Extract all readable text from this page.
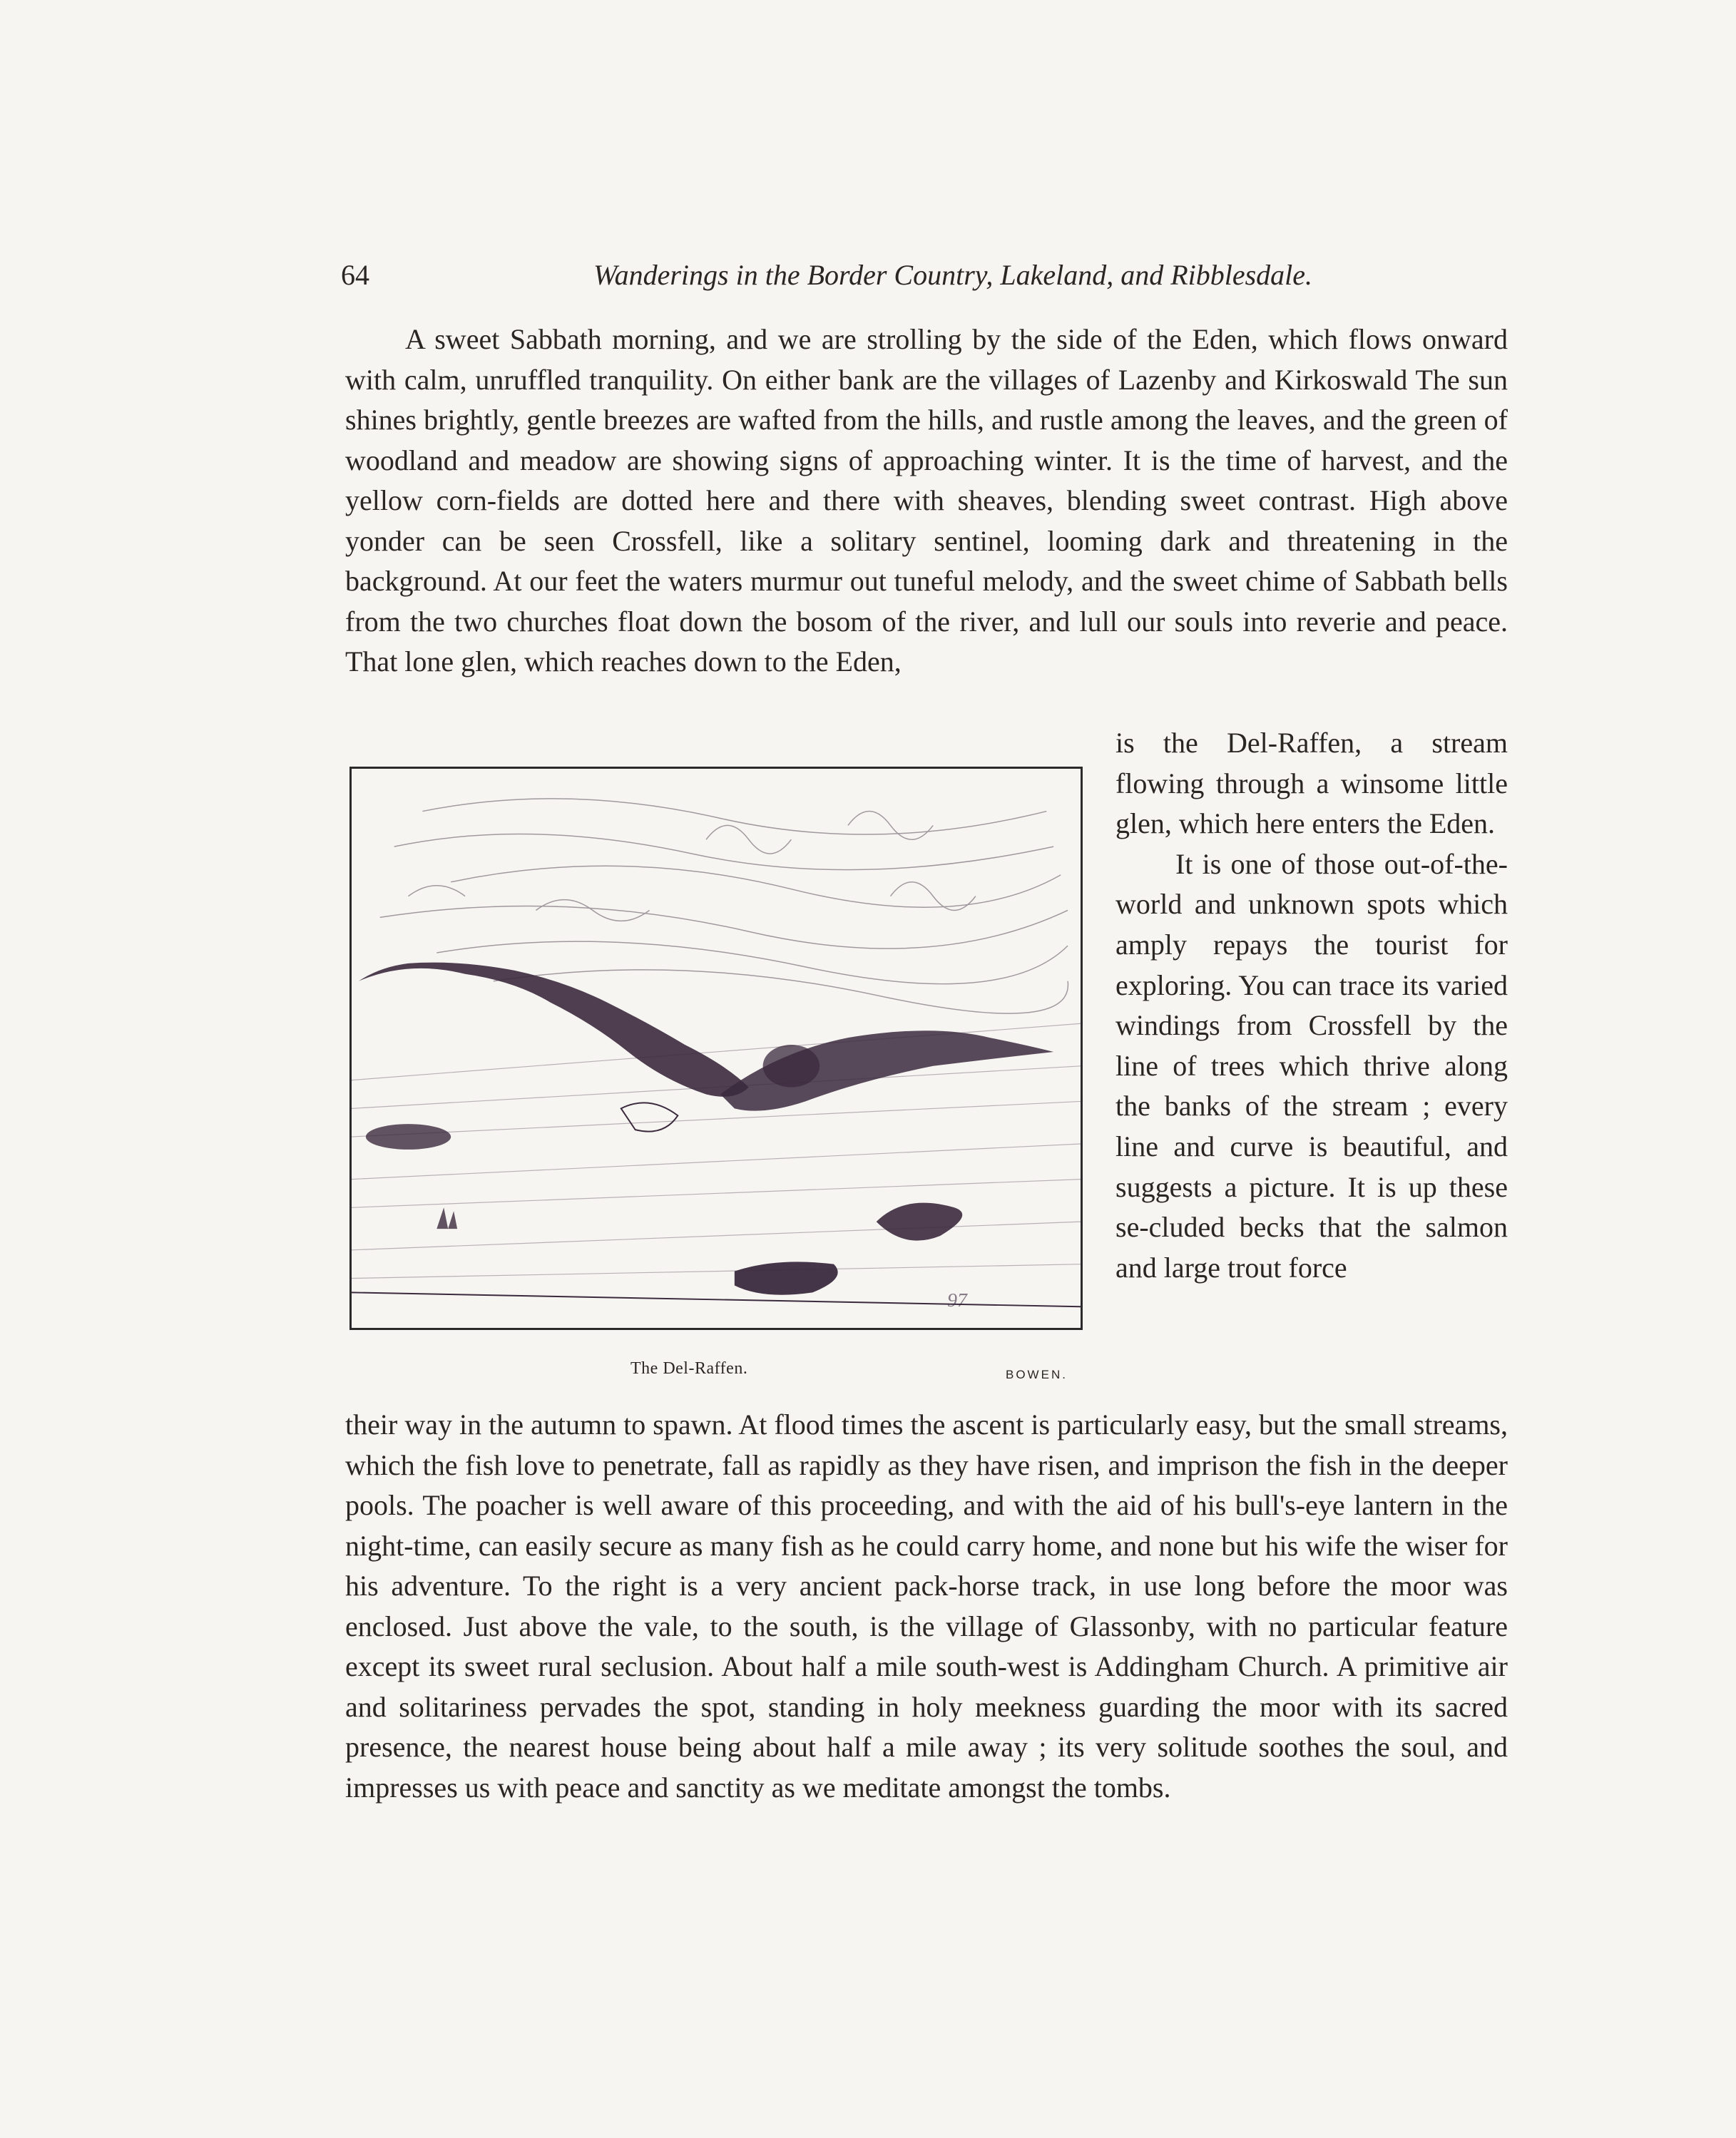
64	Wanderings in the Border Country, Lakeland, and Ribblesdale.

A sweet Sabbath morning, and we are strolling by the side of the Eden, which flows onward with calm, unruffled tranquility. On either bank are the villages of Lazenby and Kirkoswald The sun shines brightly, gentle breezes are wafted from the hills, and rustle among the leaves, and the green of woodland and meadow are showing signs of approaching winter. It is the time of harvest, and the yellow corn-fields are dotted here and there with sheaves, blending sweet contrast. High above yonder can be seen Crossfell, like a solitary sentinel, looming dark and threatening in the background. At our feet the waters murmur out tuneful melody, and the sweet chime of Sabbath bells from the two churches float down the bosom of the river, and lull our souls into reverie and peace. That lone glen, which reaches down to the Eden,

is the Del-Raffen, a stream flowing through a winsome little glen, which here enters the Eden.

It is one of those out-of-the-world and unknown spots which amply repays the tourist for exploring. You can trace its varied windings from Crossfell by the line of trees which thrive along the banks of the stream ; every line and curve is beautiful, and suggests a picture. It is up these se-cluded becks that the salmon and large trout force

97
The Del-Raffen.	BOWEN.

their way in the autumn to spawn. At flood times the ascent is particularly easy, but the small streams, which the fish love to penetrate, fall as rapidly as they have risen, and imprison the fish in the deeper pools. The poacher is well aware of this proceeding, and with the aid of his bull's-eye lantern in the night-time, can easily secure as many fish as he could carry home, and none but his wife the wiser for his adventure. To the right is a very ancient pack-horse track, in use long before the moor was enclosed. Just above the vale, to the south, is the village of Glassonby, with no particular feature except its sweet rural seclusion. About half a mile south-west is Addingham Church. A primitive air and solitariness pervades the spot, standing in holy meekness guarding the moor with its sacred presence, the nearest house being about half a mile away ; its very solitude soothes the soul, and impresses us with peace and sanctity as we meditate amongst the tombs.
